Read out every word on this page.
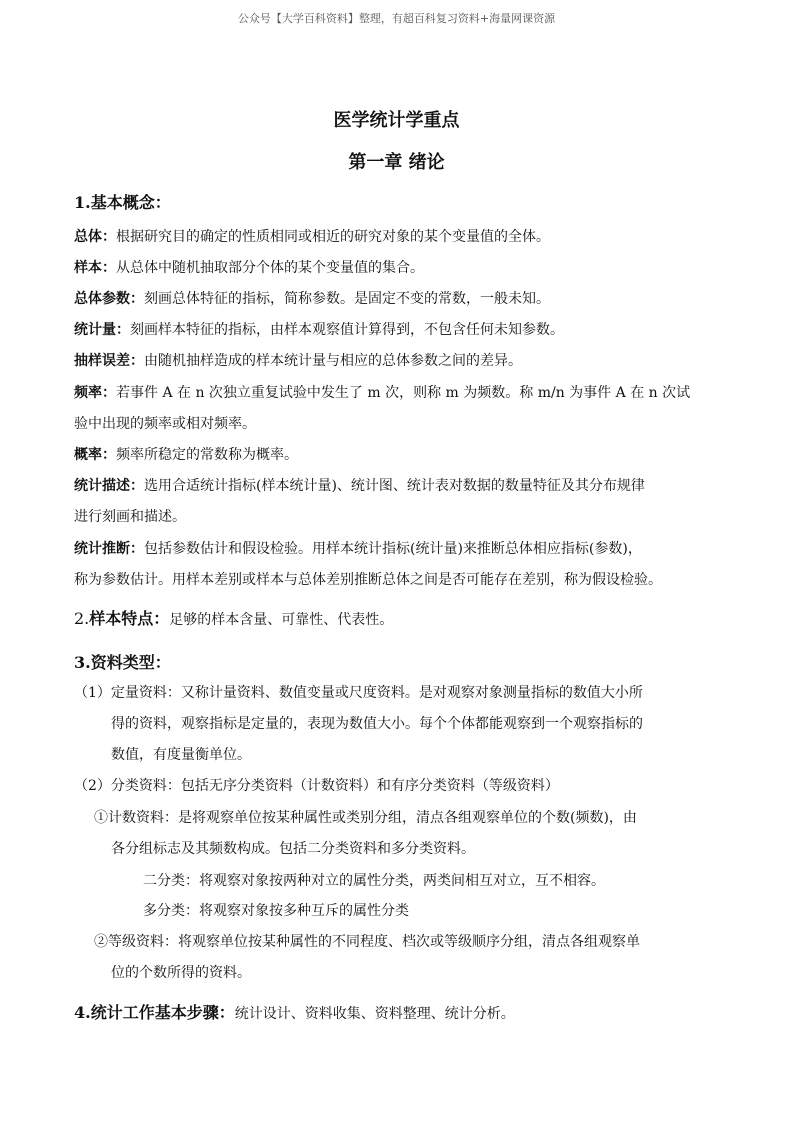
公众号【大学百科资料】整理，有超百科复习资料+海量网课资源
医学统计学重点
第一章 绪论
1.基本概念：
总体：根据研究目的确定的性质相同或相近的研究对象的某个变量值的全体。
样本：从总体中随机抽取部分个体的某个变量值的集合。
总体参数：刻画总体特征的指标，简称参数。是固定不变的常数，一般未知。
统计量：刻画样本特征的指标，由样本观察值计算得到，不包含任何未知参数。
抽样误差：由随机抽样造成的样本统计量与相应的总体参数之间的差异。
频率：若事件 A 在 n 次独立重复试验中发生了 m 次，则称 m 为频数。称 m/n 为事件 A 在 n 次试
验中出现的频率或相对频率。
概率：频率所稳定的常数称为概率。
统计描述：选用合适统计指标(样本统计量)、统计图、统计表对数据的数量特征及其分布规律
进行刻画和描述。
统计推断：包括参数估计和假设检验。用样本统计指标(统计量)来推断总体相应指标(参数)，
称为参数估计。用样本差别或样本与总体差别推断总体之间是否可能存在差别，称为假设检验。
2.样本特点：足够的样本含量、可靠性、代表性。
3.资料类型：
（1）定量资料：又称计量资料、数值变量或尺度资料。是对观察对象测量指标的数值大小所
得的资料，观察指标是定量的，表现为数值大小。每个个体都能观察到一个观察指标的
数值，有度量衡单位。
（2）分类资料：包括无序分类资料（计数资料）和有序分类资料（等级资料）
①计数资料：是将观察单位按某种属性或类别分组，清点各组观察单位的个数(频数)，由
各分组标志及其频数构成。包括二分类资料和多分类资料。
二分类：将观察对象按两种对立的属性分类，两类间相互对立，互不相容。
多分类：将观察对象按多种互斥的属性分类
②等级资料：将观察单位按某种属性的不同程度、档次或等级顺序分组，清点各组观察单
位的个数所得的资料。
4.统计工作基本步骤：统计设计、资料收集、资料整理、统计分析。
